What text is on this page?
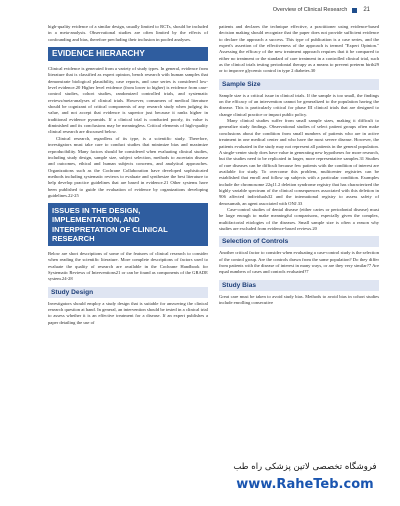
Overview of Clinical Research	21

high-quality evidence of a similar design, usually limited to RCTs, should be included in a meta-analysis. Observational studies are often limited by the effects of confounding and bias, therefore precluding their inclusion in pooled analyses.

EVIDENCE HIERARCHY

Clinical evidence is generated from a variety of study types. In general, evidence from literature that is classified as expert opinion, bench research with human samples that demonstrate biological plausibility, case reports, and case series is considered low-level evidence.20 Higher level evidence (from lower to higher) is evidence from case-control studies, cohort studies, randomized controlled trials, and systematic reviews/meta-analyses of clinical trials. However, consumers of medical literature should be cognizant of critical components of any research study when judging its value, and not accept that evidence is superior just because it ranks higher in traditional evidence pyramids. If a clinical trial is conducted poorly, its value is diminished and its conclusions may be meaningless. Critical elements of high-quality clinical research are discussed below.

Clinical research, regardless of its type, is a scientific study. Therefore, investigators must take care to conduct studies that minimize bias and maximize reproducibility. Many factors should be considered when evaluating clinical studies, including study design, sample size, subject selection, methods to ascertain disease and outcomes, ethical and human subjects concerns, and analytical approaches. Organizations such as the Cochrane Collaboration have developed sophisticated methods including systematic reviews to evaluate and synthesize the best literature to help develop practice guidelines that are based in evidence.21 Other systems have been published to guide the evaluation of evidence by organizations developing guidelines.22-25

ISSUES IN THE DESIGN, IMPLEMENTATION, AND INTERPRETATION OF CLINICAL RESEARCH

Below are short descriptions of some of the features of clinical research to consider when reading the scientific literature. More complete descriptions of factors used to evaluate the quality of research are available in the Cochrane Handbook for Systematic Reviews of Interventions21 or can be found as components of the GRADE system.24-28

Study Design

Investigators should employ a study design that is suitable for answering the clinical research question at hand. In general, an intervention should be tested in a clinical trial to assess whether it is an effective treatment for a disease. If an expert publishes a paper detailing the use of

patients and declares the technique effective, a practitioner using evidence-based decision making should recognize that the paper does not provide sufficient evidence to declare the approach a success. This type of publication is a case series, and the expert's assertion of the effectiveness of the approach is termed "Expert Opinion." Assessing the efficacy of the new treatment approach requires that it be compared to either no treatment or the standard of care treatment in a controlled clinical trial, such as the clinical trials testing periodontal therapy as a means to prevent preterm birth29 or to improve glycemic control in type 2 diabetes.30

Sample Size

Sample size is a critical issue in clinical trials. If the sample is too small, the findings on the efficacy of an intervention cannot be generalized to the population having the disease. This is particularly critical for phase III clinical trials that are designed to change clinical practice or impact public policy.

Many clinical studies suffer from small sample sizes, making it difficult to generalize study findings. Observational studies of select patient groups often make conclusions about the condition from small numbers of patients who are in active treatment in one medical center and who have the most severe disease. However, the patients evaluated in the study may not represent all patients in the general population. A single-center study does have value in generating new hypotheses for more research, but the studies need to be replicated in larger, more representative samples.31 Studies of rare diseases can be difficult because few patients with the condition of interest are available for study. To overcome this problem, multicenter registries can be established that enroll and follow up subjects with a particular condition. Examples include the chromosome 22q11.2 deletion syndrome registry that has characterized the highly variable spectrum of the clinical consequences associated with this deletion in 906 affected individuals32 and the international registry to assess safety of denosumab, an agent associated with ONJ.33

Case-control studies of dental disease (either caries or periodontal disease) must be large enough to make meaningful comparisons, especially given the complex, multifactorial etiologies of the diseases. Small sample size is often a reason why studies are excluded from evidence-based reviews.20

Selection of Controls

Another critical factor to consider when evaluating a case-control study is the selection of the control group. Are the controls drawn from the same population? Do they differ from patients with the disease of interest in many ways, or are they very similar?7 Are equal numbers of cases and controls evaluated?7

Study Bias

Great care must be taken to avoid study bias. Methods to avoid bias in cohort studies include enrolling consecutive

فروشگاه تخصصی لاتین پزشکی راه طب
www.RaheTeb.com
